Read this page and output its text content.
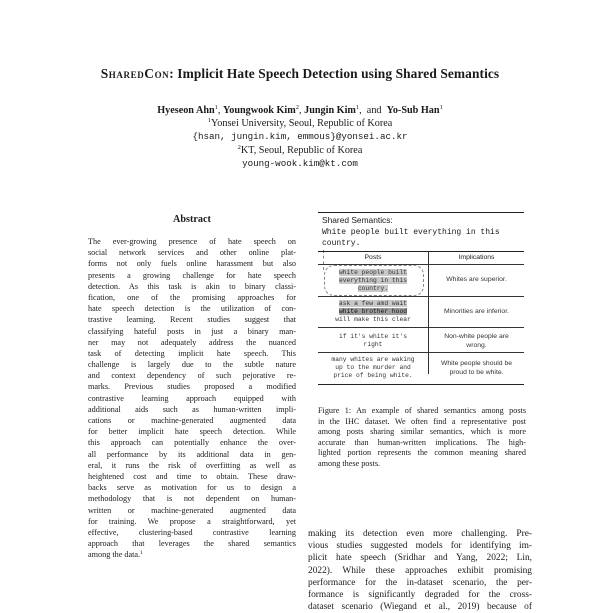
SharedCon: Implicit Hate Speech Detection using Shared Semantics
Hyeseon Ahn$^1$, Youngwook Kim$^2$, Jungin Kim$^1$,  and  Yo-Sub Han$^1$
$^1$Yonsei University, Seoul, Republic of Korea
{hsan, jungin.kim, emmous}@yonsei.ac.kr
$^2$KT, Seoul, Republic of Korea
young-wook.kim@kt.com
Abstract
The ever-growing presence of hate speech on
social network services and other online plat-
forms not only fuels online harassment but also
presents a growing challenge for hate speech
detection. As this task is akin to binary classi-
fication, one of the promising approaches for
hate speech detection is the utilization of con-
trastive learning. Recent studies suggest that
classifying hateful posts in just a binary man-
ner may not adequately address the nuanced
task of detecting implicit hate speech. This
challenge is largely due to the subtle nature
and context dependency of such pejorative re-
marks. Previous studies proposed a modified
contrastive learning approach equipped with
additional aids such as human-written impli-
cations or machine-generated augmented data
for better implicit hate speech detection. While
this approach can potentially enhance the over-
all performance by its additional data in gen-
eral, it runs the risk of overfitting as well as
heightened cost and time to obtain. These draw-
backs serve as motivation for us to design a
methodology that is not dependent on human-
written or machine-generated augmented data
for training. We propose a straightforward, yet
effective, clustering-based contrastive learning
approach that leverages the shared semantics
among the data.$^1$
Shared Semantics:
White people built everything in this country.
Posts	Implications
white people built
everything in this
country.
Whites are superior.
ask a few amd wait
white brother hood
will make this clear
Minorities are inferior.
if it's white it's
right
Non-white people are
wrong.
many whites are waking
up to the murder and
price of being white.
White people should be
proud to be white.
Figure 1: An example of shared semantics among posts
in the IHC dataset. We often find a representative post
among posts sharing similar semantics, which is more
accurate than human-written implications. The high-
lighted portion represents the common meaning shared
among these posts.
making its detection even more challenging. Pre-
vious studies suggested models for identifying im-
plicit hate speech (Sridhar and Yang, 2022; Lin,
2022). While these approaches exhibit promising
performance for the in-dataset scenario, the per-
formance is significantly degraded for the cross-
dataset scenario (Wiegand et al., 2019) because of
